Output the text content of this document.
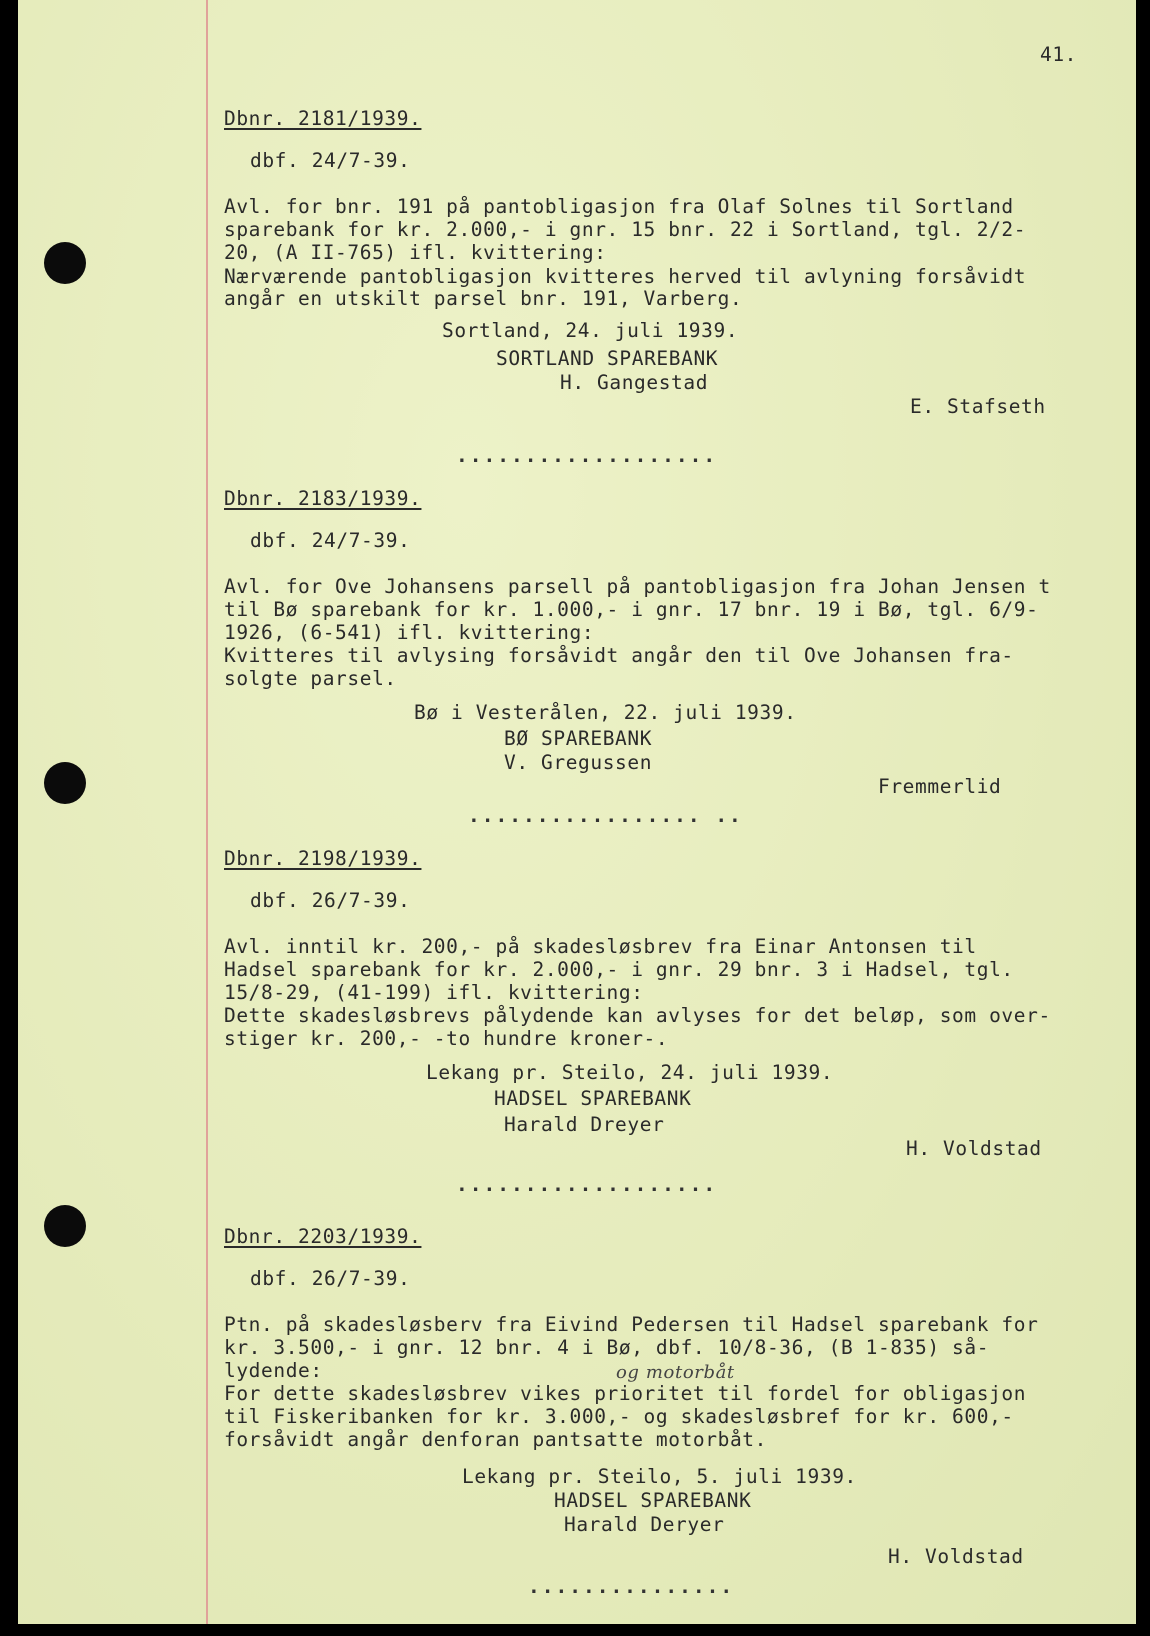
41.
Dbnr. 2181/1939.
dbf. 24/7-39.
Avl. for bnr. 191 på pantobligasjon fra Olaf Solnes til Sortland
sparebank for kr. 2.000,- i gnr. 15 bnr. 22 i Sortland, tgl. 2/2-
20, (A II-765) ifl. kvittering:
Nærværende pantobligasjon kvitteres herved til avlyning forsåvidt
angår en utskilt parsel bnr. 191, Varberg.
Sortland, 24. juli 1939.
SORTLAND SPAREBANK
H. Gangestad
E. Stafseth
...................
Dbnr. 2183/1939.
dbf. 24/7-39.
Avl. for Ove Johansens parsell på pantobligasjon fra Johan Jensen t
til Bø sparebank for kr. 1.000,- i gnr. 17 bnr. 19 i Bø, tgl. 6/9-
1926, (6-541) ifl. kvittering:
Kvitteres til avlysing forsåvidt angår den til Ove Johansen fra-
solgte parsel.
Bø i Vesterålen, 22. juli 1939.
BØ SPAREBANK
V. Gregussen
Fremmerlid
................. ..
Dbnr. 2198/1939.
dbf. 26/7-39.
Avl. inntil kr. 200,- på skadesløsbrev fra Einar Antonsen til
Hadsel sparebank for kr. 2.000,- i gnr. 29 bnr. 3 i Hadsel, tgl.
15/8-29, (41-199) ifl. kvittering:
Dette skadesløsbrevs pålydende kan avlyses for det beløp, som over-
stiger kr. 200,- -to hundre kroner-.
Lekang pr. Steilo, 24. juli 1939.
HADSEL SPAREBANK
Harald Dreyer
H. Voldstad
...................
Dbnr. 2203/1939.
dbf. 26/7-39.
Ptn. på skadesløsberv fra Eivind Pedersen til Hadsel sparebank for
kr. 3.500,- i gnr. 12 bnr. 4 i Bø, dbf. 10/8-36, (B 1-835) så-
lydende:	og motorbåt
For dette skadesløsbrev vikes prioritet til fordel for obligasjon
til Fiskeribanken for kr. 3.000,- og skadesløsbref for kr. 600,-
forsåvidt angår denforan pantsatte motorbåt.
Lekang pr. Steilo, 5. juli 1939.
HADSEL SPAREBANK
Harald Deryer
H. Voldstad
...............
